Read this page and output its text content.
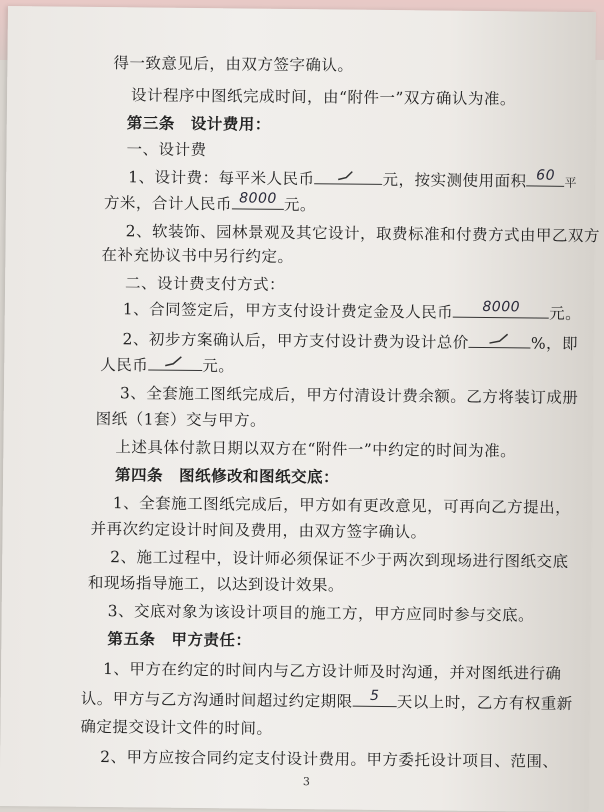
得一致意见后，由双方签字确认。
设计程序中图纸完成时间，由“附件一”双方确认为准。
第三条　设计费用：
一、设计费
1、设计费：每平米人民币	元，按实测使用面积 60 平
方米，合计人民币 8000 元。
2、软装饰、园林景观及其它设计，取费标准和付费方式由甲乙双方
在补充协议书中另行约定。
二、设计费支付方式：
1、合同签定后，甲方支付设计费定金及人民币	8000	元。
2、初步方案确认后，甲方支付设计费为设计总价	%，即
人民币	元。
3、全套施工图纸完成后，甲方付清设计费余额。乙方将装订成册
图纸（1套）交与甲方。
上述具体付款日期以双方在“附件一”中约定的时间为准。
第四条　图纸修改和图纸交底：
1、全套施工图纸完成后，甲方如有更改意见，可再向乙方提出，
并再次约定设计时间及费用，由双方签字确认。
2、施工过程中，设计师必须保证不少于两次到现场进行图纸交底
和现场指导施工，以达到设计效果。
3、交底对象为该设计项目的施工方，甲方应同时参与交底。
第五条　甲方责任：
1、甲方在约定的时间内与乙方设计师及时沟通，并对图纸进行确
认。甲方与乙方沟通时间超过约定期限	5	天以上时，乙方有权重新
确定提交设计文件的时间。
2、甲方应按合同约定支付设计费用。甲方委托设计项目、范围、
3
